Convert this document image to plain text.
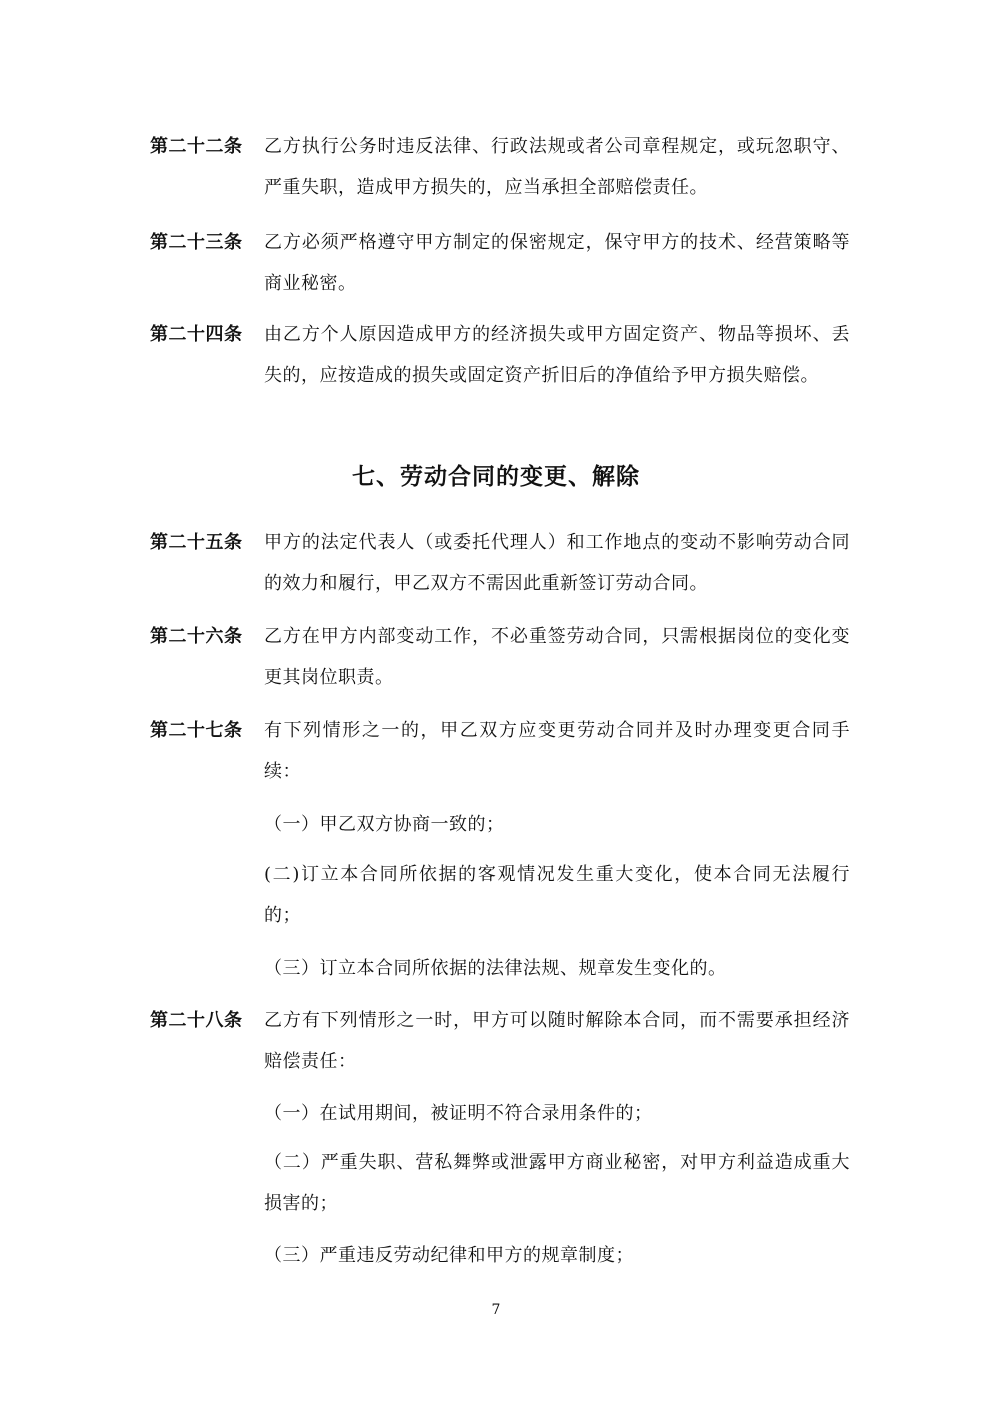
第二十二条 乙方执行公务时违反法律、行政法规或者公司章程规定，或玩忽职守、严重失职，造成甲方损失的，应当承担全部赔偿责任。
第二十三条 乙方必须严格遵守甲方制定的保密规定，保守甲方的技术、经营策略等商业秘密。
第二十四条 由乙方个人原因造成甲方的经济损失或甲方固定资产、物品等损坏、丢失的，应按造成的损失或固定资产折旧后的净值给予甲方损失赔偿。
七、劳动合同的变更、解除
第二十五条 甲方的法定代表人（或委托代理人）和工作地点的变动不影响劳动合同的效力和履行，甲乙双方不需因此重新签订劳动合同。
第二十六条 乙方在甲方内部变动工作，不必重签劳动合同，只需根据岗位的变化变更其岗位职责。
第二十七条 有下列情形之一的，甲乙双方应变更劳动合同并及时办理变更合同手续：
（一）甲乙双方协商一致的；
(二)订立本合同所依据的客观情况发生重大变化，使本合同无法履行的；
（三）订立本合同所依据的法律法规、规章发生变化的。
第二十八条 乙方有下列情形之一时，甲方可以随时解除本合同，而不需要承担经济赔偿责任：
（一）在试用期间，被证明不符合录用条件的；
（二）严重失职、营私舞弊或泄露甲方商业秘密，对甲方利益造成重大损害的；
（三）严重违反劳动纪律和甲方的规章制度；
7
